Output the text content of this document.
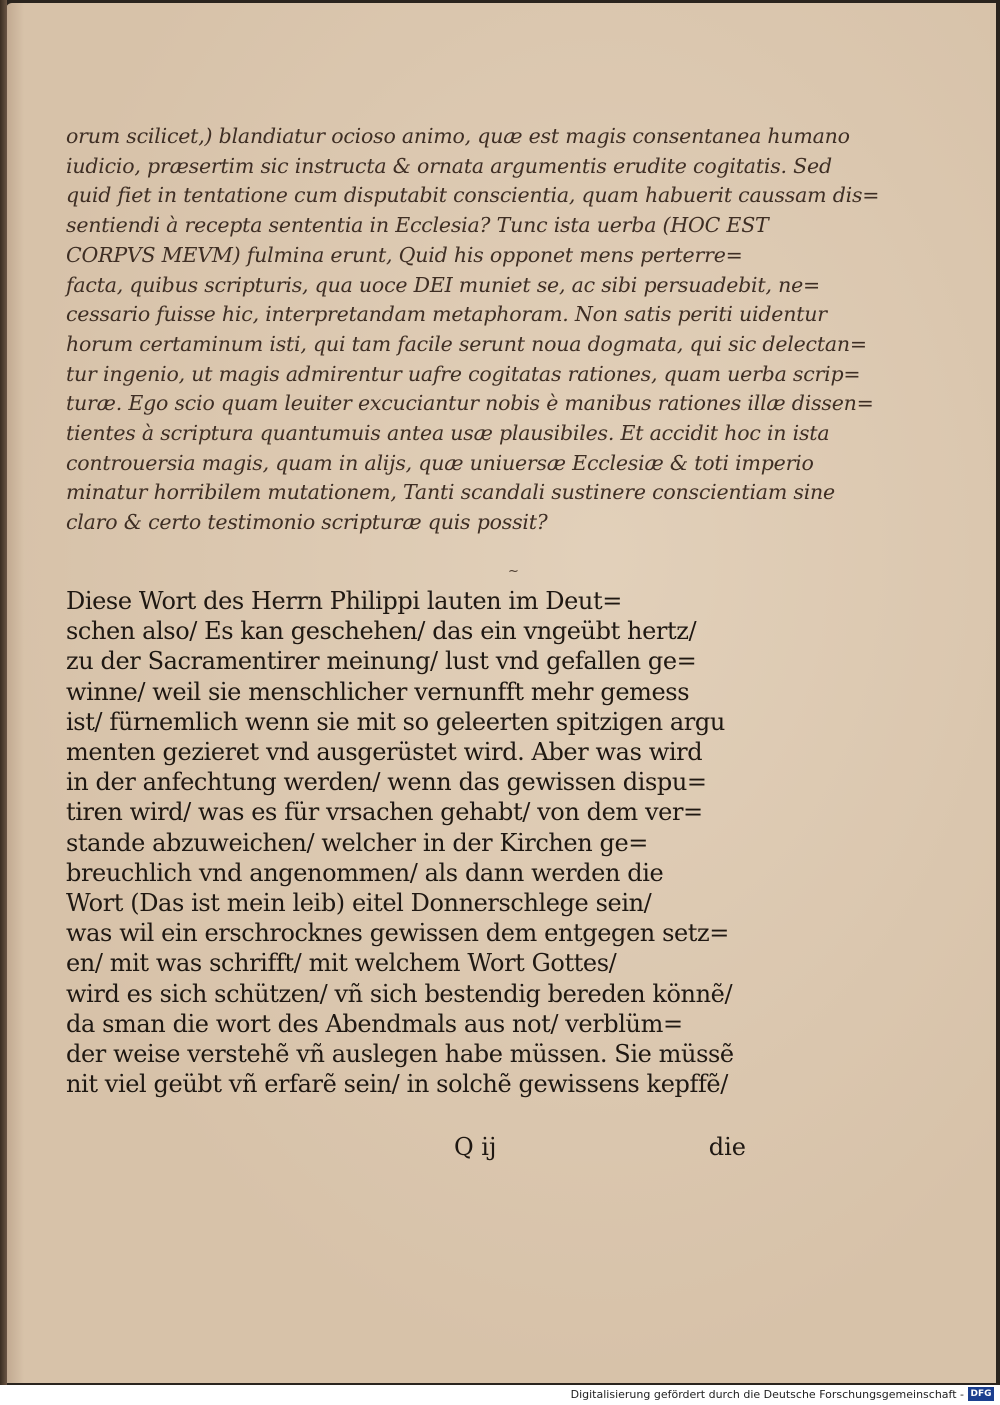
orum scilicet,) blandiatur ocioso animo, quæ est magis consentanea humano
iudicio, præsertim sic instructa & ornata argumentis erudite cogitatis. Sed
quid fiet in tentatione cum disputabit conscientia, quam habuerit caussam dis=
sentiendi à recepta sententia in Ecclesia? Tunc ista uerba (HOC EST
CORPVS MEVM) fulmina erunt, Quid his opponet mens perterre=
facta, quibus scripturis, qua uoce DEI muniet se, ac sibi persuadebit, ne=
cessario fuisse hic, interpretandam metaphoram. Non satis periti uidentur
horum certaminum isti, qui tam facile serunt noua dogmata, qui sic delectan=
tur ingenio, ut magis admirentur uafre cogitatas rationes, quam uerba scrip=
turæ. Ego scio quam leuiter excuciantur nobis è manibus rationes illæ dissen=
tientes à scriptura quantumuis antea usæ plausibiles. Et accidit hoc in ista
controuersia magis, quam in alijs, quæ uniuersæ Ecclesiæ & toti imperio
minatur horribilem mutationem, Tanti scandali sustinere conscientiam sine
claro & certo testimonio scripturæ quis possit?
~
Diese Wort des Herrn Philippi lauten im Deut=
schen also/ Es kan geschehen/ das ein vngeübt hertz/
zu der Sacramentirer meinung/ lust vnd gefallen ge=
winne/ weil sie menschlicher vernunfft mehr gemess
ist/ fürnemlich wenn sie mit so geleerten spitzigen argu
menten gezieret vnd ausgerüstet wird. Aber was wird
in der anfechtung werden/ wenn das gewissen dispu=
tiren wird/ was es für vrsachen gehabt/ von dem ver=
stande abzuweichen/ welcher in der Kirchen ge=
breuchlich vnd angenommen/ als dann werden die
Wort (Das ist mein leib) eitel Donnerschlege sein/
was wil ein erschrocknes gewissen dem entgegen setz=
en/ mit was schrifft/ mit welchem Wort Gottes/
wird es sich schützen/ vñ sich bestendig bereden könnẽ/
da sman die wort des Abendmals aus not/ verblüm=
der weise verstehẽ vñ auslegen habe müssen. Sie müssẽ
nit viel geübt vñ erfarẽ sein/ in solchẽ gewissens kepffẽ/
Q ij	die
Digitalisierung gefördert durch die Deutsche Forschungsgemeinschaft - DFG
